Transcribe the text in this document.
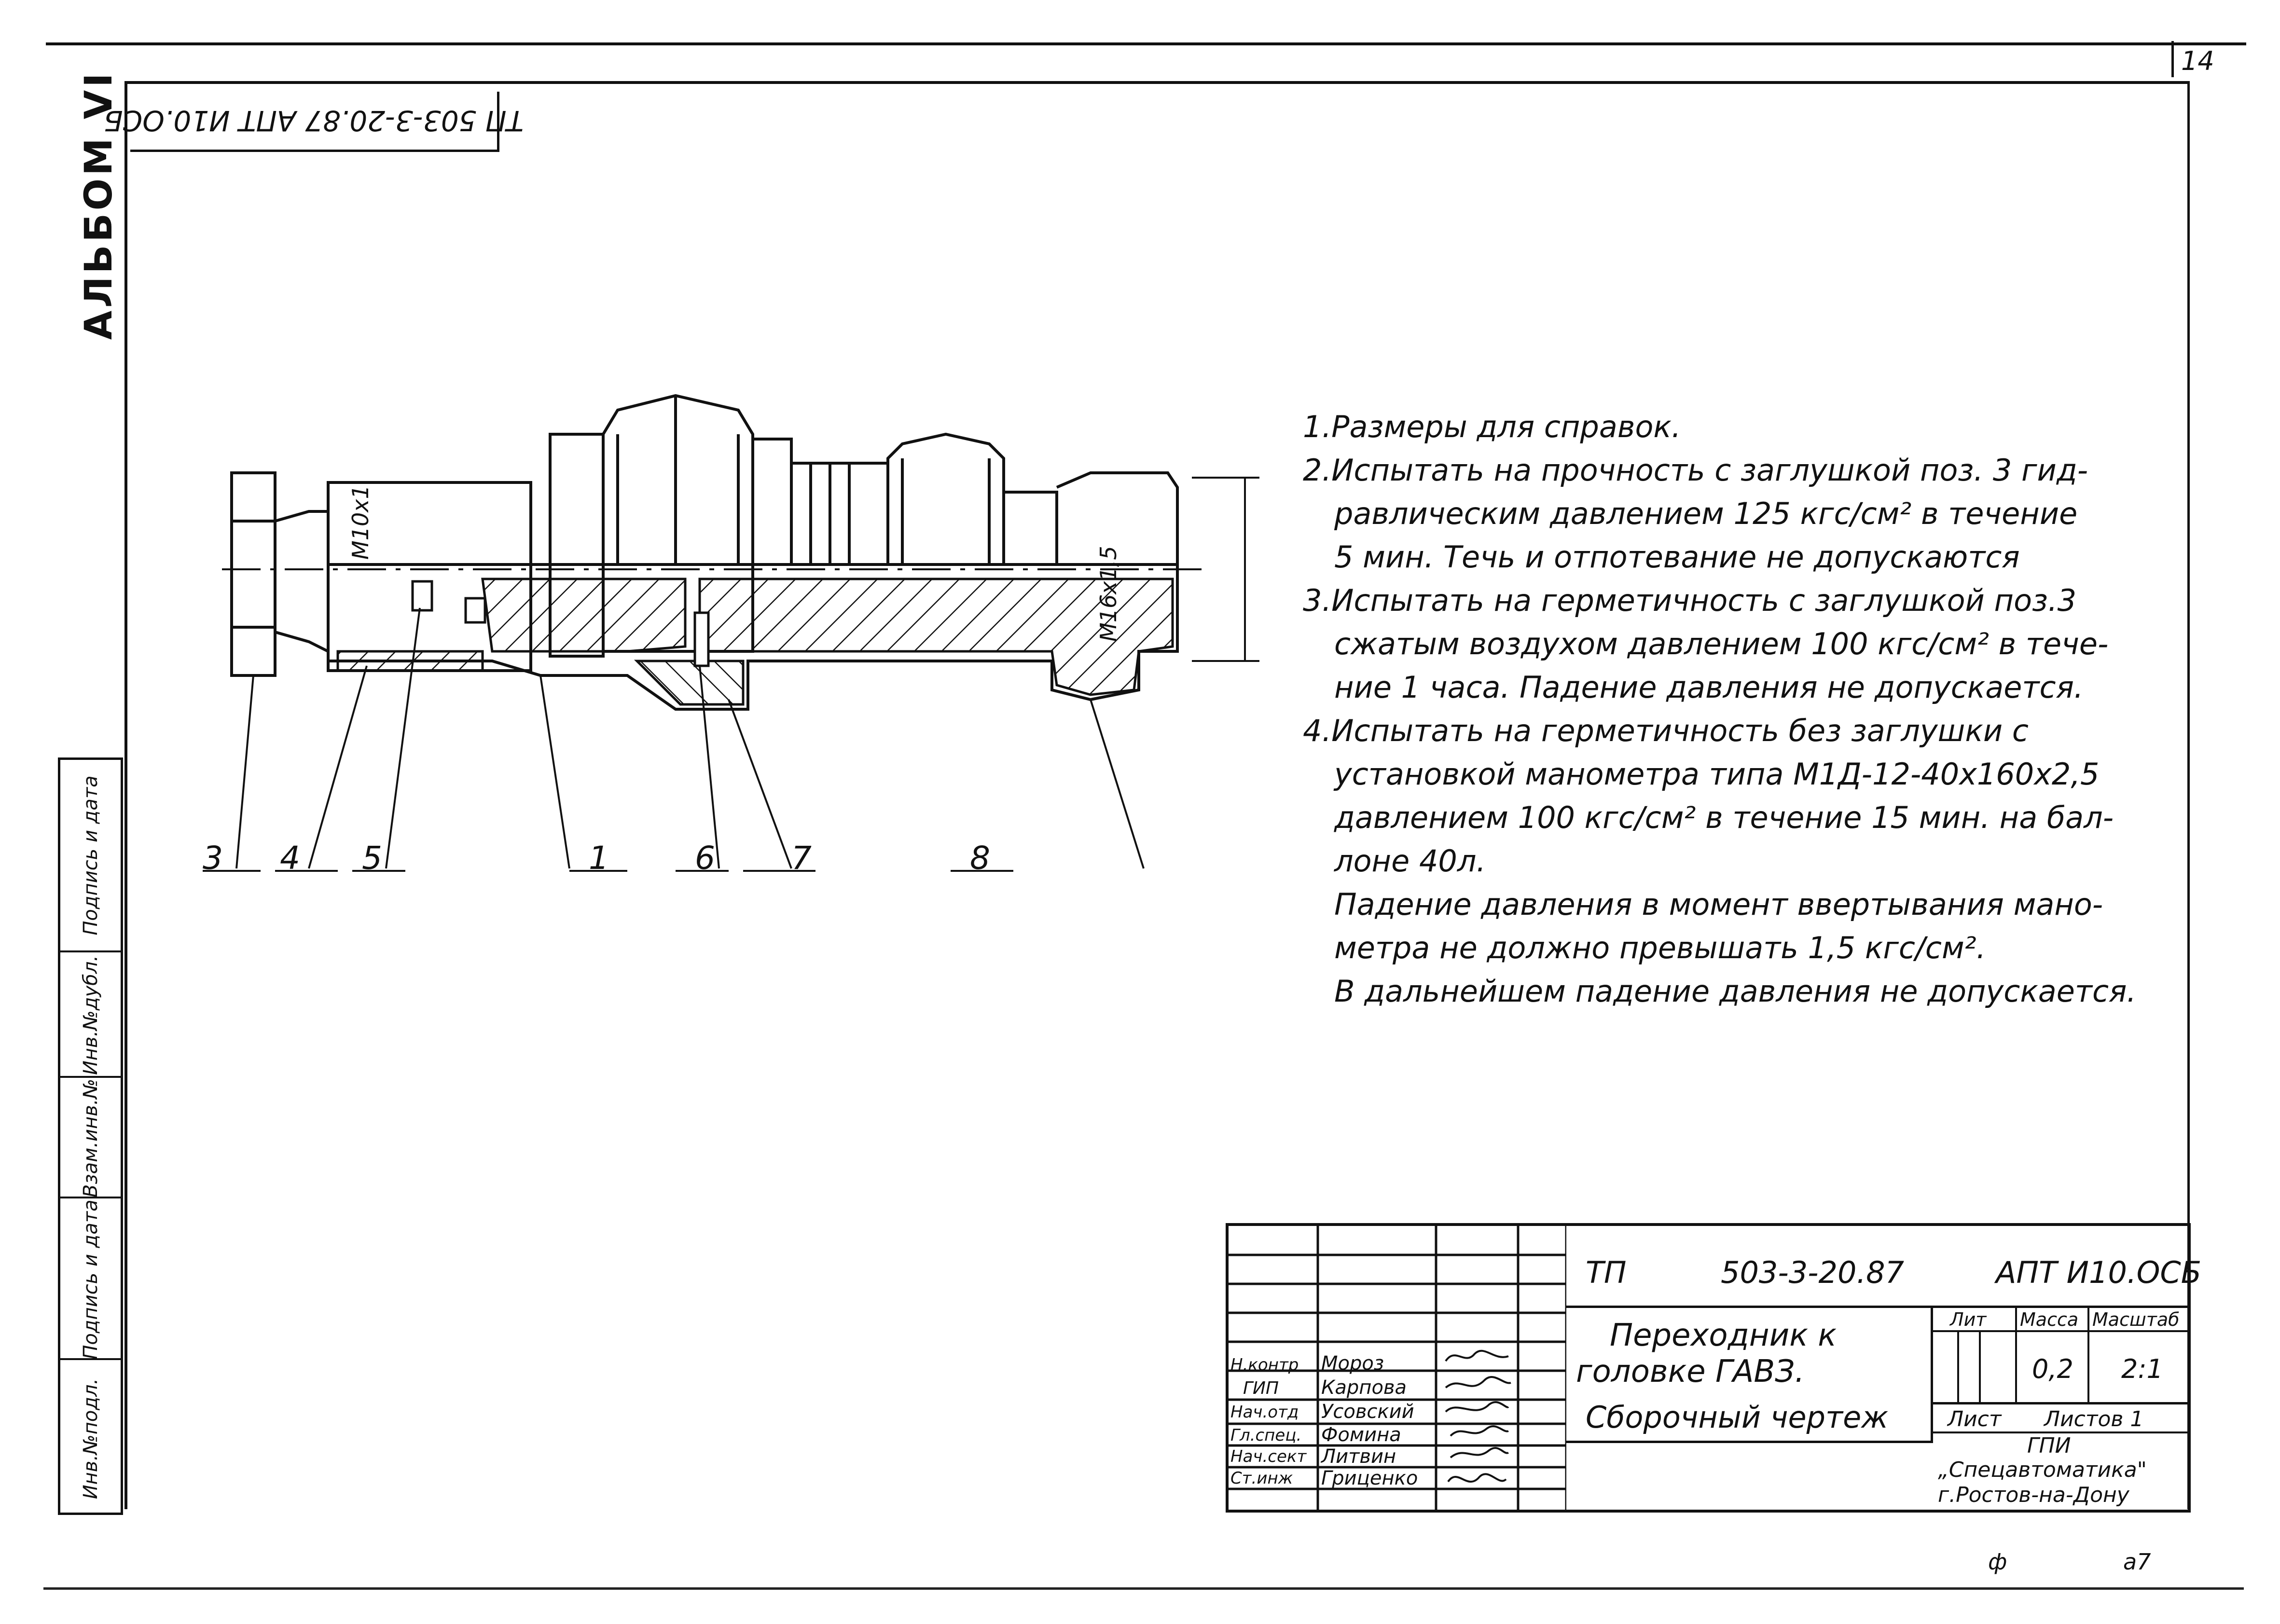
14
АЛЬБОМ VI
ТП 503-3-20.87 АПТ И10.ОСБ
Инв.№подл.
Подпись и дата
Взам.инв.№
Инв.№дубл.
Подпись и дата	3 4 5	1	6 7	8
М10х1
М16х1,5
1.Размеры для справок.
2.Испытать на прочность с заглушкой поз. 3 гид-
равлическим давлением 125 кгс/см² в течение
5 мин. Течь и отпотевание не допускаются
3.Испытать на герметичность с заглушкой поз.3
сжатым воздухом давлением 100 кгс/см² в тече-
ние 1 часа. Падение давления не допускается.
4.Испытать на герметичность без заглушки с
установкой манометра типа М1Д-12-40х160х2,5
давлением 100 кгс/см² в течение 15 мин. на бал-
лоне 40л.
Падение давления в момент ввертывания мано-
метра не должно превышать 1,5 кгс/см².
В дальнейшем падение давления не допускается.
Н.контр Мороз
ГИП Карпова
Нач.отд Усовский
Гл.спец. Фомина
Нач.сект Литвин
Ст.инж Гриценко
ТП	503-3-20.87	АПТ И10.ОСБ
Переходник к
головке ГАВЗ.
Сборочный чертеж
Лит Масса Масштаб
0,2 2:1
Лист Листов 1
ГПИ
„Спецавтоматика"
г.Ростов-на-Дону
ф	а7
